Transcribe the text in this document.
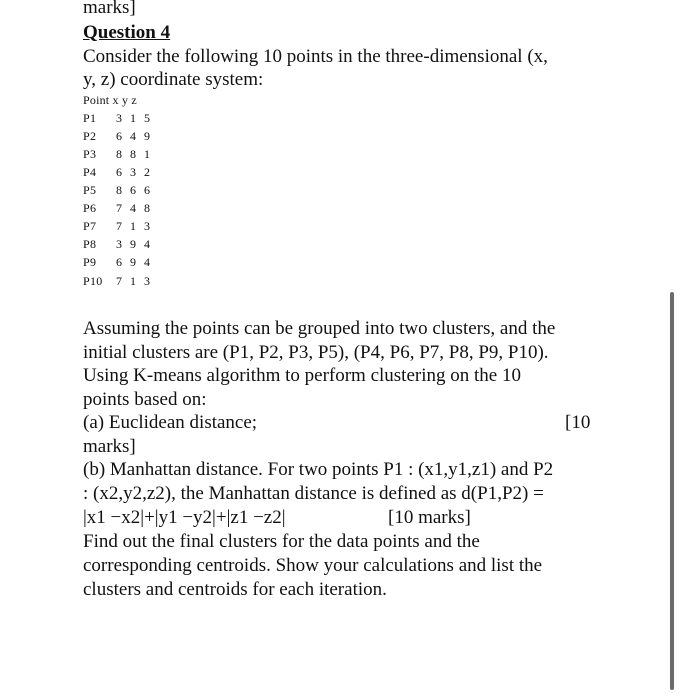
marks]
Question 4
Consider the following 10 points in the three-dimensional (x,
y, z) coordinate system:
Point x y z
P1 3 1 5
P2 6 4 9
P3 8 8 1
P4 6 3 2
P5 8 6 6
P6 7 4 8
P7 7 1 3
P8 3 9 4
P9 6 9 4
P10 7 1 3
Assuming the points can be grouped into two clusters, and the
initial clusters are (P1, P2, P3, P5), (P4, P6, P7, P8, P9, P10).
Using K-means algorithm to perform clustering on the 10
points based on:
(a) Euclidean distance;	[10
marks]
(b) Manhattan distance. For two points P1 : (x1,y1,z1) and P2
: (x2,y2,z2), the Manhattan distance is defined as d(P1,P2) =
|x1 −x2|+|y1 −y2|+|z1 −z2|	[10 marks]
Find out the final clusters for the data points and the
corresponding centroids. Show your calculations and list the
clusters and centroids for each iteration.
